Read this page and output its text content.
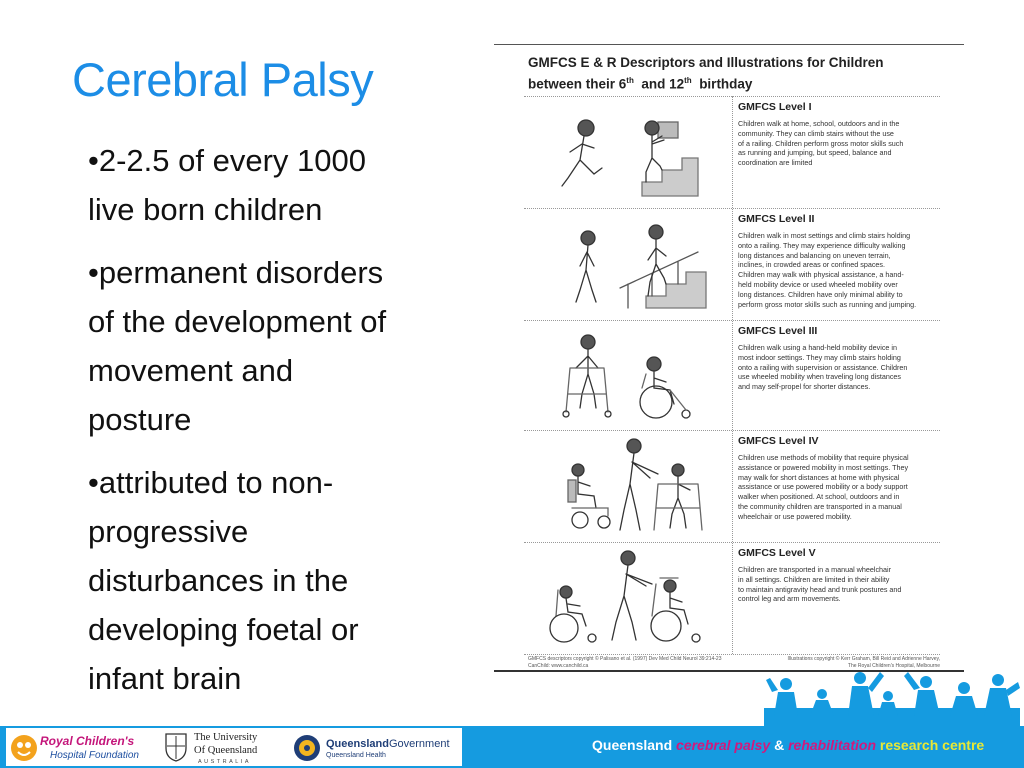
Cerebral Palsy
•2-2.5 of every 1000
live born children
•permanent disorders
of the development of
movement and
posture
•attributed to non-
progressive
disturbances in the
developing foetal or
infant brain
GMFCS E & R Descriptors and Illustrations for Children
between their 6th  and 12th  birthday
GMFCS Level I
Children walk at home, school, outdoors and in the
community. They can climb stairs without the use
of a railing. Children perform gross motor skills such
as running and jumping, but speed, balance and
coordination are limited
GMFCS Level II
Children walk in most settings and climb stairs holding
onto a railing. They may experience difficulty walking
long distances and balancing on uneven terrain,
inclines, in crowded areas or confined spaces.
Children may walk with physical assistance, a hand-
held mobility device or used wheeled mobility over
long distances. Children have only minimal ability to
perform gross motor skills such as running and jumping.
GMFCS Level III
Children walk using a hand-held mobility device in
most indoor settings. They may climb stairs holding
onto a railing with supervision or assistance. Children
use wheeled mobility when traveling long distances
and may self-propel for shorter distances.
GMFCS Level IV
Children use methods of mobility that require physical
assistance or powered mobility in most settings. They
may walk for short distances at home with physical
assistance or use powered mobility or a body support
walker when positioned. At school, outdoors and in
the community children are transported in a manual
wheelchair or use powered mobility.
GMFCS Level V
Children are transported in a manual wheelchair
in all settings. Children are limited in their ability
to maintain antigravity head and trunk postures and
control leg and arm movements.
GMFCS descriptors copyright © Palisano et al. (1997) Dev Med Child Neurol 39:214-23
CanChild: www.canchild.ca
Illustrations copyright © Kerr Graham, Bill Reid and Adrienne Harvey,
The Royal Children's Hospital, Melbourne
Royal Children's
Hospital Foundation
The University
Of Queensland
AUSTRALIA
QueenslandGovernment
Queensland Health
Queensland cerebral palsy & rehabilitation research centre
